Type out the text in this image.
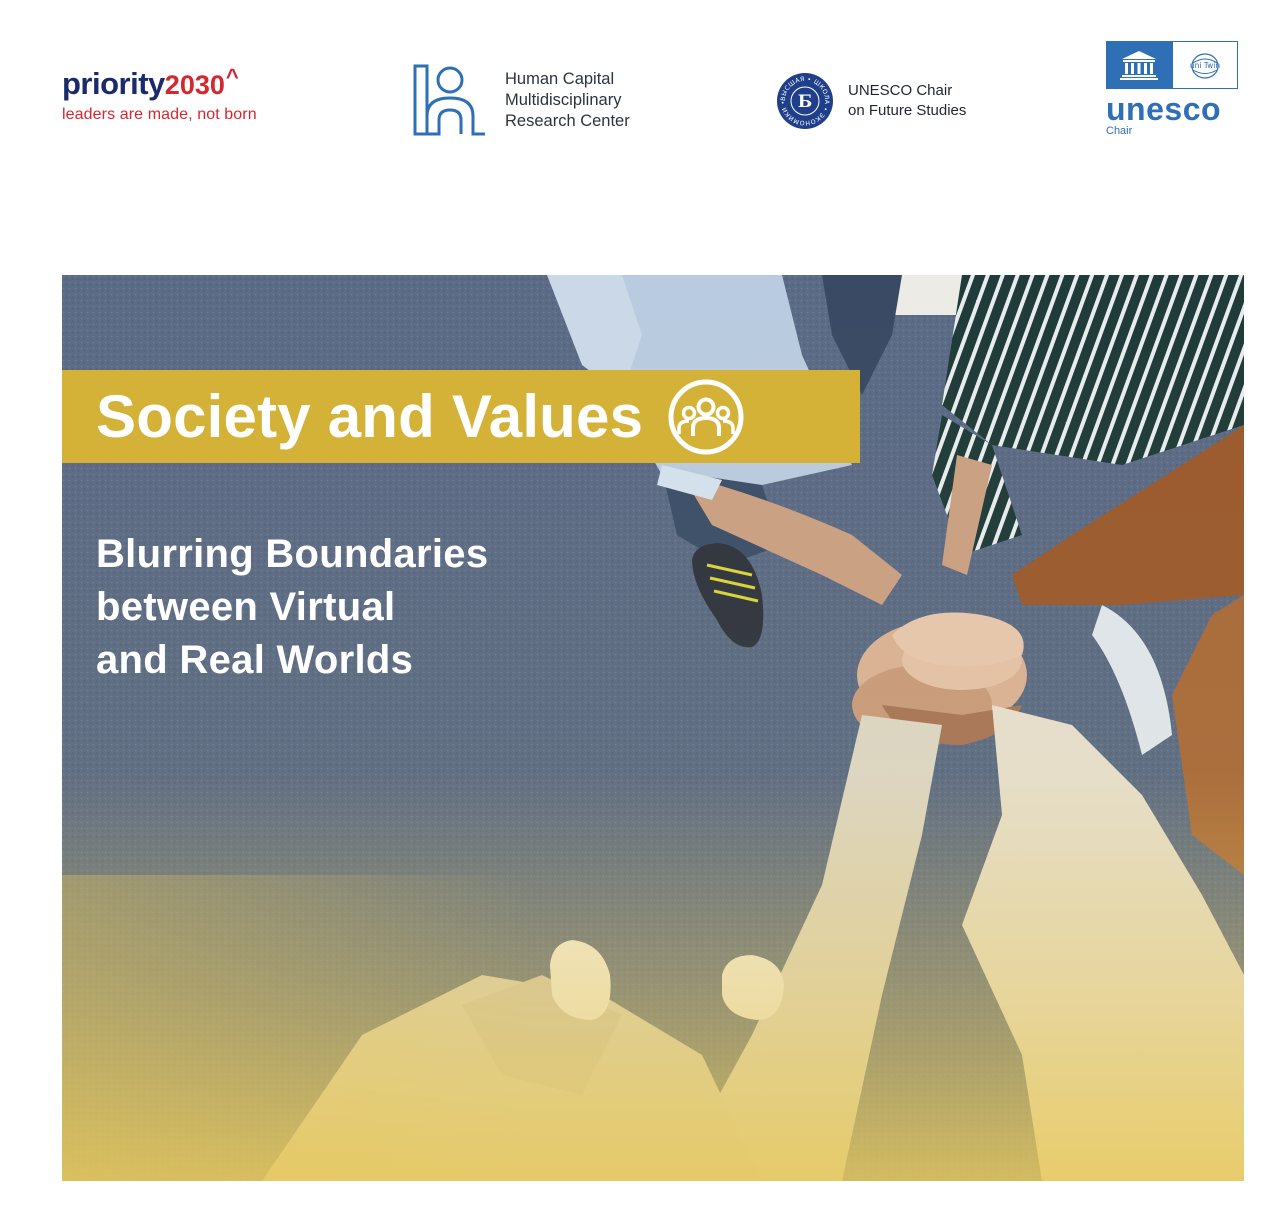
priority2030^
leaders are made, not born
Human Capital
Multidisciplinary
Research Center
ВЫСШАЯ • ШКОЛА • ЭКОНОМИКИ • Б
UNESCO Chair
on Future Studies
uni Twin
unesco
Chair
Society and Values
Blurring Boundaries
between Virtual
and Real Worlds
